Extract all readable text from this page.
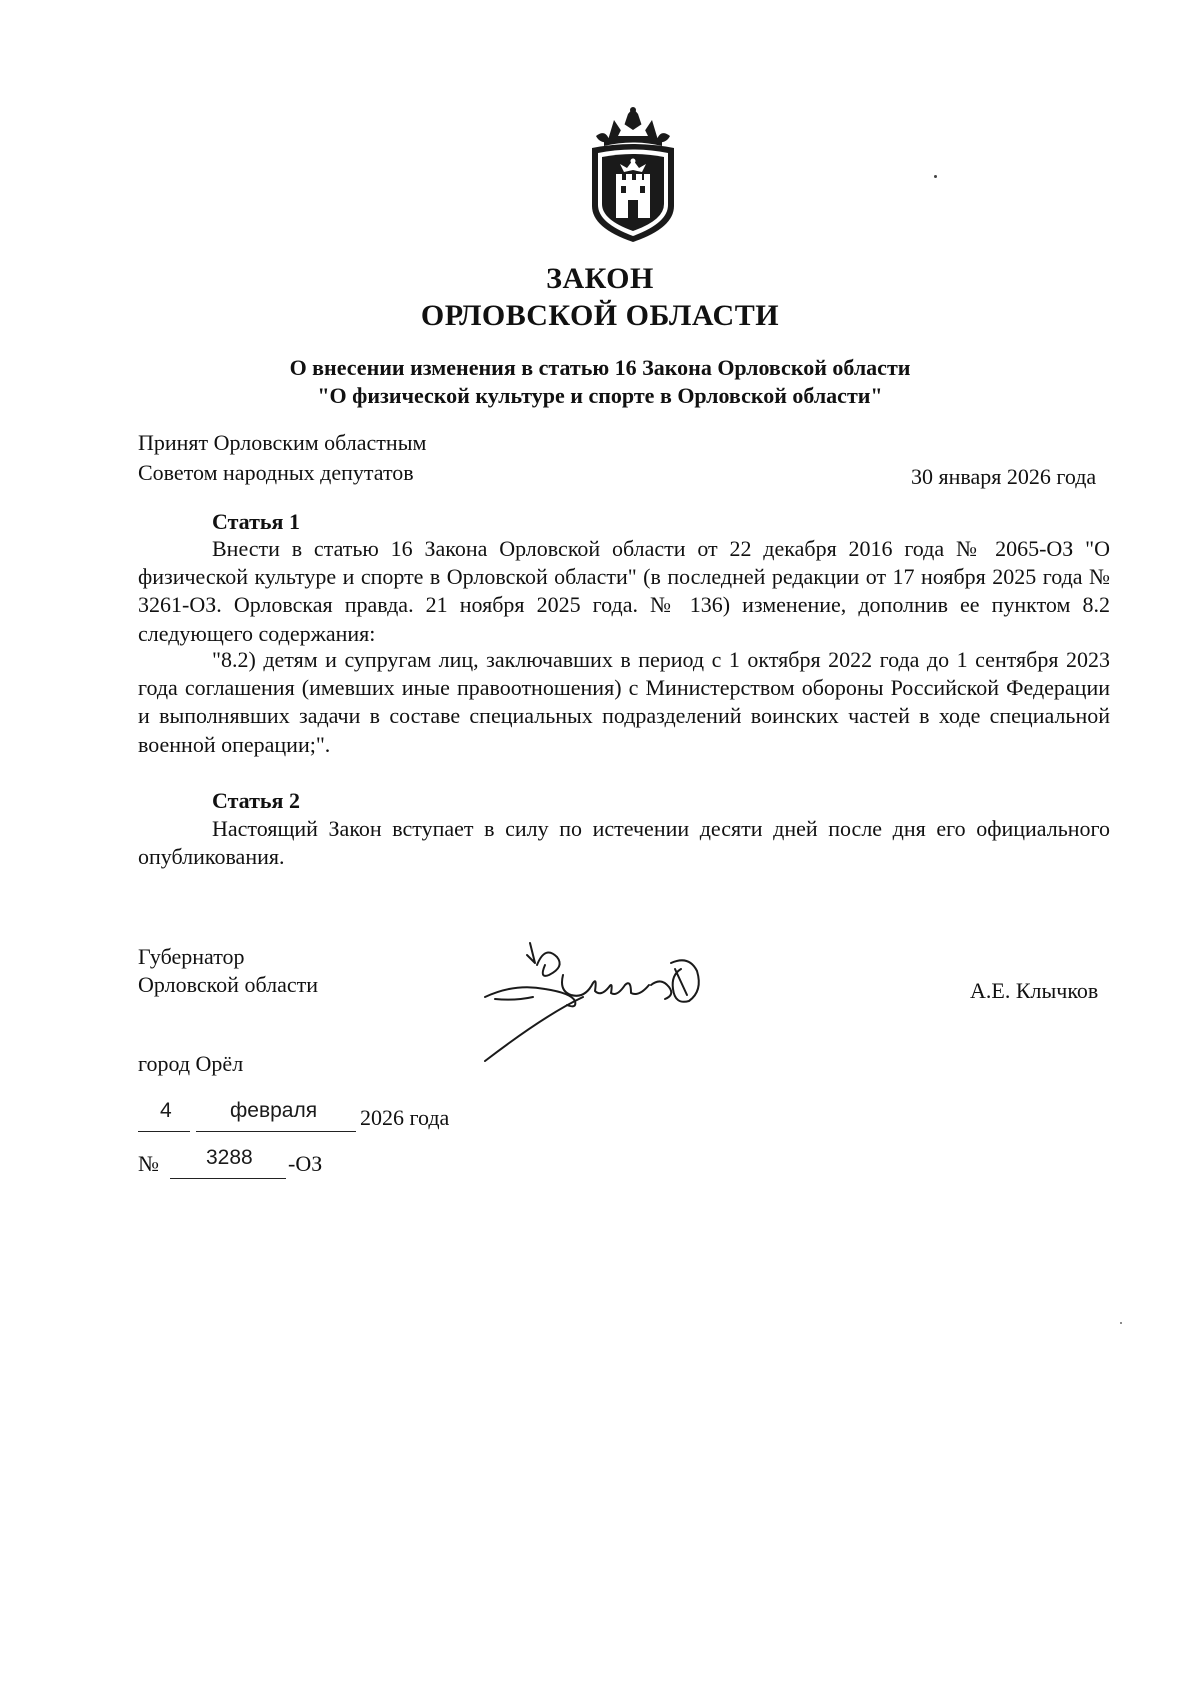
ЗАКОН
ОРЛОВСКОЙ ОБЛАСТИ
О внесении изменения в статью 16 Закона Орловской области
"О физической культуре и спорте в Орловской области"
Принят Орловским областным
Советом народных депутатов	30 января 2026 года
Статья 1
Внести в статью 16 Закона Орловской области от 22 декабря 2016 года № 2065-ОЗ "О физической культуре и спорте в Орловской области" (в последней редакции от 17 ноября 2025 года № 3261-ОЗ. Орловская правда. 21 ноября 2025 года. № 136) изменение, дополнив ее пунктом 8.2 следующего содержания:
"8.2) детям и супругам лиц, заключавших в период с 1 октября 2022 года до 1 сентября 2023 года соглашения (имевших иные правоотношения) с Министерством обороны Российской Федерации и выполнявших задачи в составе специальных подразделений воинских частей в ходе специальной военной операции;".
Статья 2
Настоящий Закон вступает в силу по истечении десяти дней после дня его официального опубликования.
Губернатор
Орловской области	А.Е. Клычков
город Орёл
4	февраля 2026 года
№ 3288 -ОЗ
